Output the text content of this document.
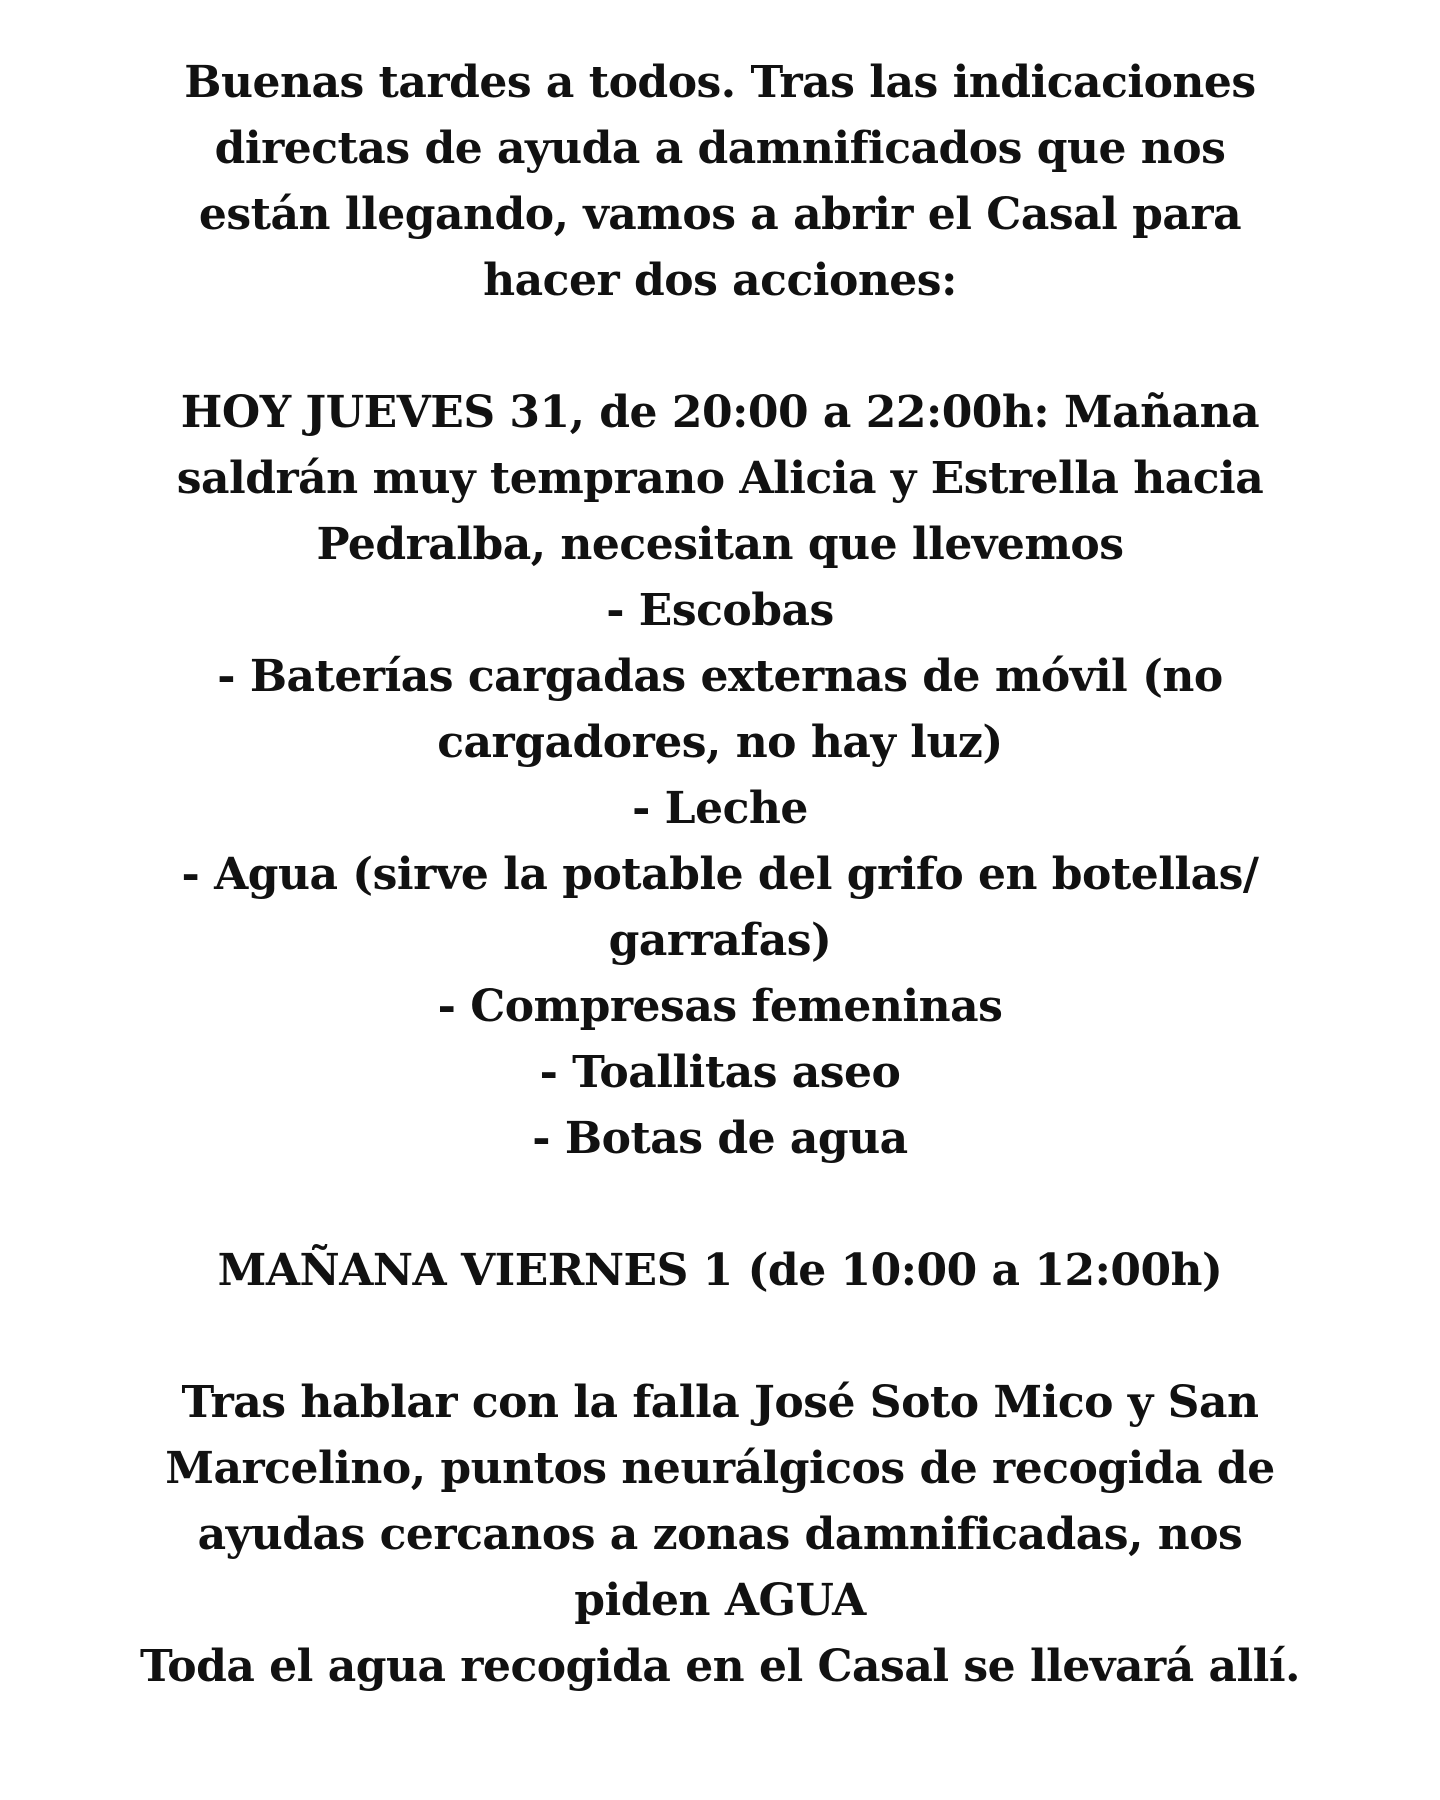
Buenas tardes a todos. Tras las indicaciones
directas de ayuda a damnificados que nos
están llegando, vamos a abrir el Casal para
hacer dos acciones:
HOY JUEVES 31, de 20:00 a 22:00h: Mañana
saldrán muy temprano Alicia y Estrella hacia
Pedralba, necesitan que llevemos
- Escobas
- Baterías cargadas externas de móvil (no
cargadores, no hay luz)
- Leche
- Agua (sirve la potable del grifo en botellas/
garrafas)
- Compresas femeninas
- Toallitas aseo
- Botas de agua
MAÑANA VIERNES 1 (de 10:00 a 12:00h)
Tras hablar con la falla José Soto Mico y San
Marcelino, puntos neurálgicos de recogida de
ayudas cercanos a zonas damnificadas, nos
piden AGUA
Toda el agua recogida en el Casal se llevará allí.
